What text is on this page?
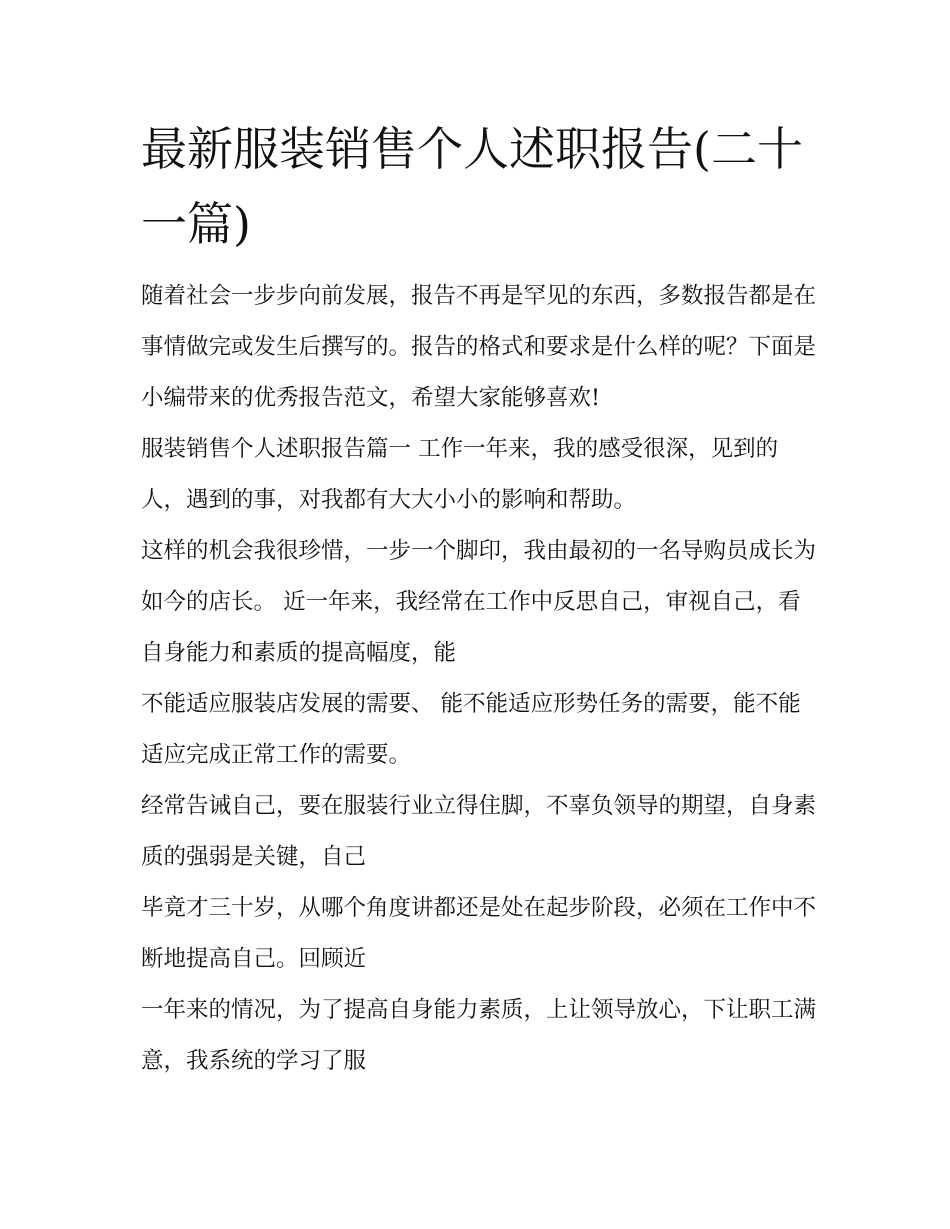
最新服装销售个人述职报告(二十一篇)

随着社会一步步向前发展，报告不再是罕见的东西，多数报告都是在事情做完或发生后撰写的。报告的格式和要求是什么样的呢？下面是小编带来的优秀报告范文，希望大家能够喜欢!

服装销售个人述职报告篇一 工作一年来，我的感受很深，见到的人，遇到的事，对我都有大大小小的影响和帮助。

这样的机会我很珍惜，一步一个脚印，我由最初的一名导购员成长为如今的店长。 近一年来，我经常在工作中反思自己，审视自己，看自身能力和素质的提高幅度，能

不能适应服装店发展的需要、 能不能适应形势任务的需要，能不能适应完成正常工作的需要。

经常告诫自己，要在服装行业立得住脚，不辜负领导的期望，自身素质的强弱是关键，自己

毕竟才三十岁，从哪个角度讲都还是处在起步阶段，必须在工作中不断地提高自己。回顾近

一年来的情况，为了提高自身能力素质，上让领导放心，下让职工满意，我系统的学习了服
